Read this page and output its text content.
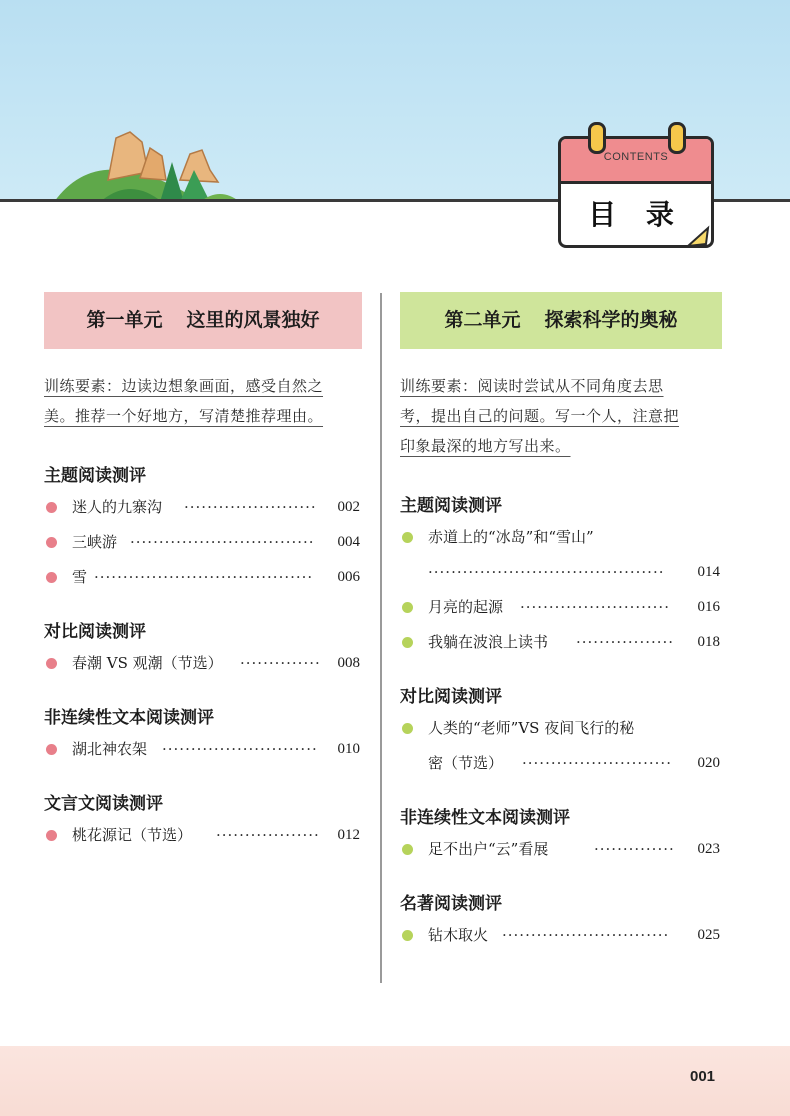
CONTENTS
目 录
第一单元 这里的风景独好
训练要素：边读边想象画面，感受自然之
美。推荐一个好地方，写清楚推荐理由。
主题阅读测评
迷人的九寨沟 ·······················	002
三峡游 ································	004
雪 ······································	006
对比阅读测评
春潮 VS 观潮（节选） ·············· 008
非连续性文本阅读测评
湖北神农架 ···························	010
文言文阅读测评
桃花源记（节选） ·················· 012
第二单元 探索科学的奥秘
训练要素：阅读时尝试从不同角度去思
考，提出自己的问题。写一个人，注意把
印象最深的地方写出来。
主题阅读测评
赤道上的“冰岛”和“雪山”
·········································	014
月亮的起源 ··························	016
我躺在波浪上读书 ················· 018
对比阅读测评
人类的“老师”VS 夜间飞行的秘
密（节选） ··························	020
非连续性文本阅读测评
足不出户“云”看展	·············· 023
名著阅读测评
钻木取火 ·····························	025
001
